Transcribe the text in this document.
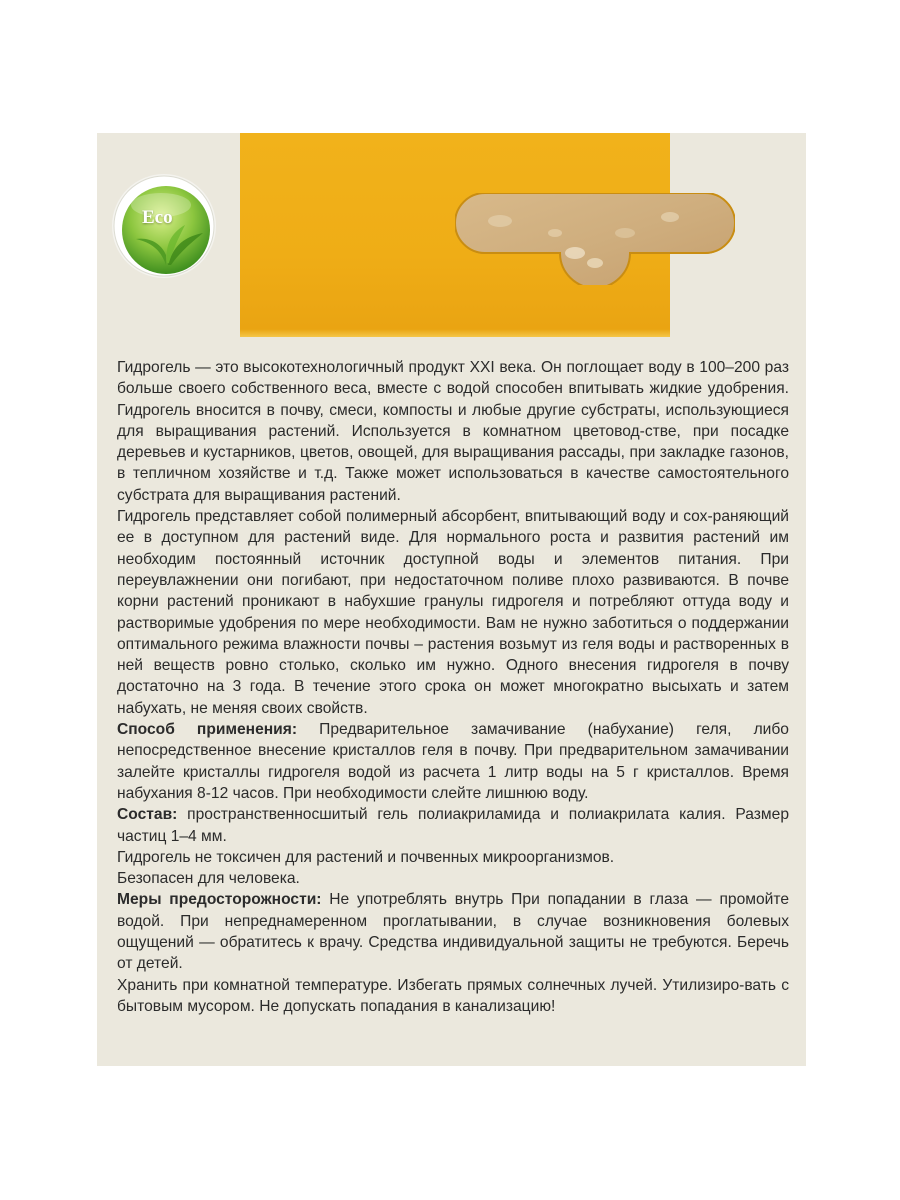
Eco

Гидрогель — это высокотехнологичный продукт XXI века. Он поглощает воду в 100–200 раз больше своего собственного веса, вместе с водой способен впитывать жидкие удобрения. Гидрогель вносится в почву, смеси, компосты и любые другие субстраты, использующиеся для выращивания растений. Используется в комнатном цветовод-стве, при посадке деревьев и кустарников, цветов, овощей, для выращивания рассады, при закладке газонов, в тепличном хозяйстве и т.д. Также может использоваться в качестве самостоятельного субстрата для выращивания растений.

Гидрогель представляет собой полимерный абсорбент, впитывающий воду и сох-раняющий ее в доступном для растений виде. Для нормального роста и развития растений им необходим постоянный источник доступной воды и элементов питания. При переувлажнении они погибают, при недостаточном поливе плохо развиваются. В почве корни растений проникают в набухшие гранулы гидрогеля и потребляют оттуда воду и растворимые удобрения по мере необходимости. Вам не нужно заботиться о поддержании оптимального режима влажности почвы – растения возьмут из геля воды и растворенных в ней веществ ровно столько, сколько им нужно. Одного внесения гидрогеля в почву достаточно на 3 года. В течение этого срока он может многократно высыхать и затем набухать, не меняя своих свойств.

Способ применения: Предварительное замачивание (набухание) геля, либо непосредственное внесение кристаллов геля в почву. При предварительном замачивании залейте кристаллы гидрогеля водой из расчета 1 литр воды на 5 г кристаллов. Время набухания 8-12 часов. При необходимости слейте лишнюю воду.

Состав: пространственносшитый гель полиакриламида и полиакрилата калия. Размер частиц 1–4 мм.

Гидрогель не токсичен для растений и почвенных микроорганизмов.

Безопасен для человека.

Меры предосторожности: Не употреблять внутрь При попадании в глаза — промойте водой. При непреднамеренном проглатывании, в случае возникновения болевых ощущений — обратитесь к врачу. Средства индивидуальной защиты не требуются. Беречь от детей.

Хранить при комнатной температуре. Избегать прямых солнечных лучей. Утилизиро-вать с бытовым мусором. Не допускать попадания в канализацию!
